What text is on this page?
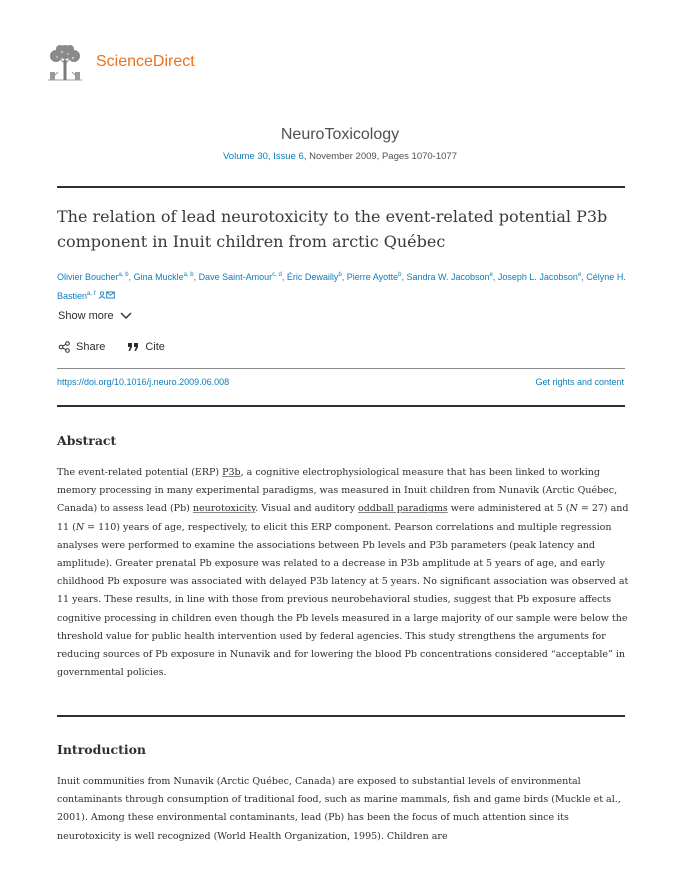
ScienceDirect
NeuroToxicology
Volume 30, Issue 6, November 2009, Pages 1070-1077
The relation of lead neurotoxicity to the event-related potential P3b component in Inuit children from arctic Québec
Olivier Boucher$^{a, b}$, Gina Muckle$^{a, b}$, Dave Saint-Amour$^{c, d}$, Éric Dewailly$^b$, Pierre Ayotte$^b$, Sandra W. Jacobson$^e$, Joseph L. Jacobson$^e$, Célyne H. Bastien$^{a, f}$
Show more
Share	Cite
https://doi.org/10.1016/j.neuro.2009.06.008	Get rights and content
Abstract

The event-related potential (ERP) P3b, a cognitive electrophysiological measure that has been linked to working memory processing in many experimental paradigms, was measured in Inuit children from Nunavik (Arctic Québec, Canada) to assess lead (Pb) neurotoxicity. Visual and auditory oddball paradigms were administered at 5 (N = 27) and 11 (N = 110) years of age, respectively, to elicit this ERP component. Pearson correlations and multiple regression analyses were performed to examine the associations between Pb levels and P3b parameters (peak latency and amplitude). Greater prenatal Pb exposure was related to a decrease in P3b amplitude at 5 years of age, and early childhood Pb exposure was associated with delayed P3b latency at 5 years. No significant association was observed at 11 years. These results, in line with those from previous neurobehavioral studies, suggest that Pb exposure affects cognitive processing in children even though the Pb levels measured in a large majority of our sample were below the threshold value for public health intervention used by federal agencies. This study strengthens the arguments for reducing sources of Pb exposure in Nunavik and for lowering the blood Pb concentrations considered “acceptable” in governmental policies.

Introduction

Inuit communities from Nunavik (Arctic Québec, Canada) are exposed to substantial levels of environmental contaminants through consumption of traditional food, such as marine mammals, fish and game birds (Muckle et al., 2001). Among these environmental contaminants, lead (Pb) has been the focus of much attention since its neurotoxicity is well recognized (World Health Organization, 1995). Children are
